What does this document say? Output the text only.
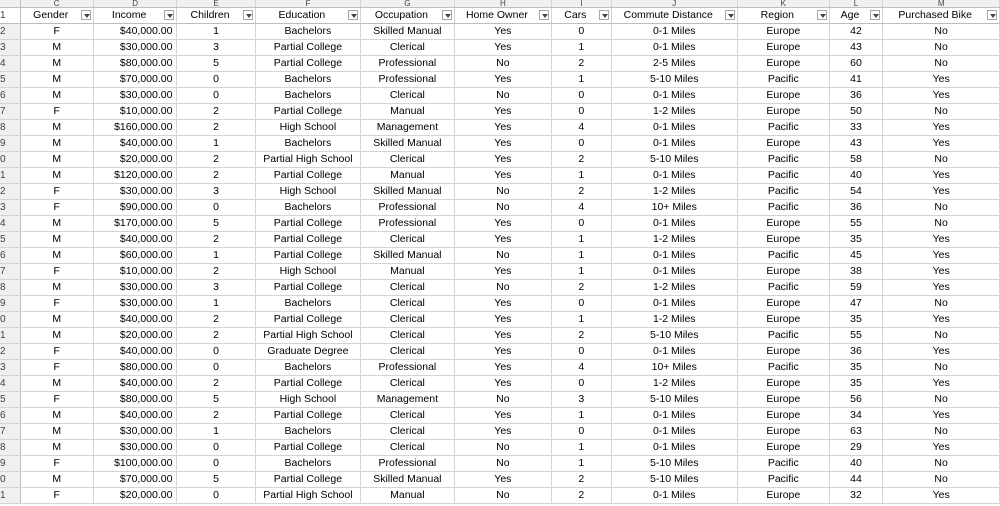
	C	D	E	F	G	H	I	J	K	L	M
1	Gender	Income	Children	Education	Occupation	Home Owner	Cars	Commute Distance	Region	Age	Purchased Bike

2	F	$40,000.00	1	Bachelors	Skilled Manual	Yes	0	0-1 Miles	Europe	42	No
3	M	$30,000.00	3	Partial College	Clerical	Yes	1	0-1 Miles	Europe	43	No
4	M	$80,000.00	5	Partial College	Professional	No	2	2-5 Miles	Europe	60	No
5	M	$70,000.00	0	Bachelors	Professional	Yes	1	5-10 Miles	Pacific	41	Yes
6	M	$30,000.00	0	Bachelors	Clerical	No	0	0-1 Miles	Europe	36	Yes
7	F	$10,000.00	2	Partial College	Manual	Yes	0	1-2 Miles	Europe	50	No
8	M	$160,000.00	2	High School	Management	Yes	4	0-1 Miles	Pacific	33	Yes
9	M	$40,000.00	1	Bachelors	Skilled Manual	Yes	0	0-1 Miles	Europe	43	Yes
0	M	$20,000.00	2	Partial High School	Clerical	Yes	2	5-10 Miles	Pacific	58	No
1	M	$120,000.00	2	Partial College	Manual	Yes	1	0-1 Miles	Pacific	40	Yes
2	F	$30,000.00	3	High School	Skilled Manual	No	2	1-2 Miles	Pacific	54	Yes
3	F	$90,000.00	0	Bachelors	Professional	No	4	10+ Miles	Pacific	36	No
4	M	$170,000.00	5	Partial College	Professional	Yes	0	0-1 Miles	Europe	55	No
5	M	$40,000.00	2	Partial College	Clerical	Yes	1	1-2 Miles	Europe	35	Yes
6	M	$60,000.00	1	Partial College	Skilled Manual	No	1	0-1 Miles	Pacific	45	Yes
7	F	$10,000.00	2	High School	Manual	Yes	1	0-1 Miles	Europe	38	Yes
8	M	$30,000.00	3	Partial College	Clerical	No	2	1-2 Miles	Pacific	59	Yes
9	F	$30,000.00	1	Bachelors	Clerical	Yes	0	0-1 Miles	Europe	47	No
0	M	$40,000.00	2	Partial College	Clerical	Yes	1	1-2 Miles	Europe	35	Yes
1	M	$20,000.00	2	Partial High School	Clerical	Yes	2	5-10 Miles	Pacific	55	No
2	F	$40,000.00	0	Graduate Degree	Clerical	Yes	0	0-1 Miles	Europe	36	Yes
3	F	$80,000.00	0	Bachelors	Professional	Yes	4	10+ Miles	Pacific	35	No
4	M	$40,000.00	2	Partial College	Clerical	Yes	0	1-2 Miles	Europe	35	Yes
5	F	$80,000.00	5	High School	Management	No	3	5-10 Miles	Europe	56	No
6	M	$40,000.00	2	Partial College	Clerical	Yes	1	0-1 Miles	Europe	34	Yes
7	M	$30,000.00	1	Bachelors	Clerical	Yes	0	0-1 Miles	Europe	63	No
8	M	$30,000.00	0	Partial College	Clerical	No	1	0-1 Miles	Europe	29	Yes
9	F	$100,000.00	0	Bachelors	Professional	No	1	5-10 Miles	Pacific	40	No
0	M	$70,000.00	5	Partial College	Skilled Manual	Yes	2	5-10 Miles	Pacific	44	No
1	F	$20,000.00	0	Partial High School	Manual	No	2	0-1 Miles	Europe	32	Yes
